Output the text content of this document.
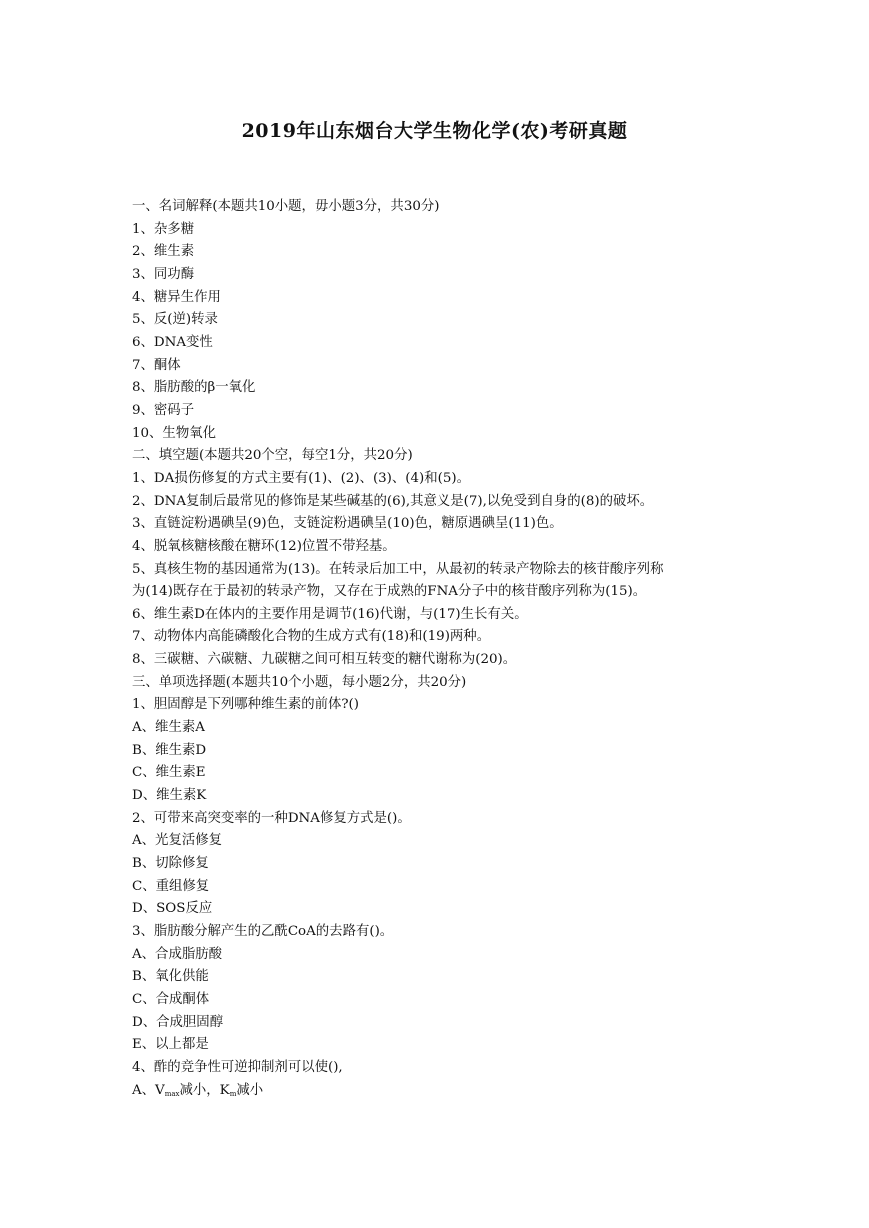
2019年山东烟台大学生物化学(农)考研真题
一、名词解释(本题共10小题，毋小题3分，共30分)
1、杂多糖
2、维生素
3、同功酶
4、糖异生作用
5、反(逆)转录
6、DNA变性
7、酮体
8、脂肪酸的β一氧化
9、密码子
10、生物氧化
二、填空题(本题共20个空，每空1分，共20分)
1、DA损伤修复的方式主要有(1)、(2)、(3)、(4)和(5)。
2、DNA复制后最常见的修饰是某些碱基的(6),其意义是(7),以免受到自身的(8)的破坏。
3、直链淀粉遇碘呈(9)色，支链淀粉遇碘呈(10)色，糖原遇碘呈(11)色。
4、脱氧核糖核酸在糖环(12)位置不带羟基。
5、真核生物的基因通常为(13)。在转录后加工中，从最初的转录产物除去的核苷酸序列称
为(14)既存在于最初的转录产物，又存在于成熟的FNA分子中的核苷酸序列称为(15)。
6、维生素D在体内的主要作用是调节(16)代谢，与(17)生长有关。
7、动物体内高能磷酸化合物的生成方式有(18)和(19)两种。
8、三碳糖、六碳糖、九碳糖之间可相互转变的糖代谢称为(20)。
三、单项选择题(本题共10个小题，每小题2分，共20分)
1、胆固醇是下列哪种维生素的前体?()
A、维生素A
B、维生素D
C、维生素E
D、维生素K
2、可带来高突变率的一种DNA修复方式是()。
A、光复活修复
B、切除修复
C、重组修复
D、SOS反应
3、脂肪酸分解产生的乙酰CoA的去路有()。
A、合成脂肪酸
B、氧化供能
C、合成酮体
D、合成胆固醇
E、以上都是
4、酢的竞争性可逆抑制剂可以使(),
A、$V_{max}$减小，$K_m$减小
